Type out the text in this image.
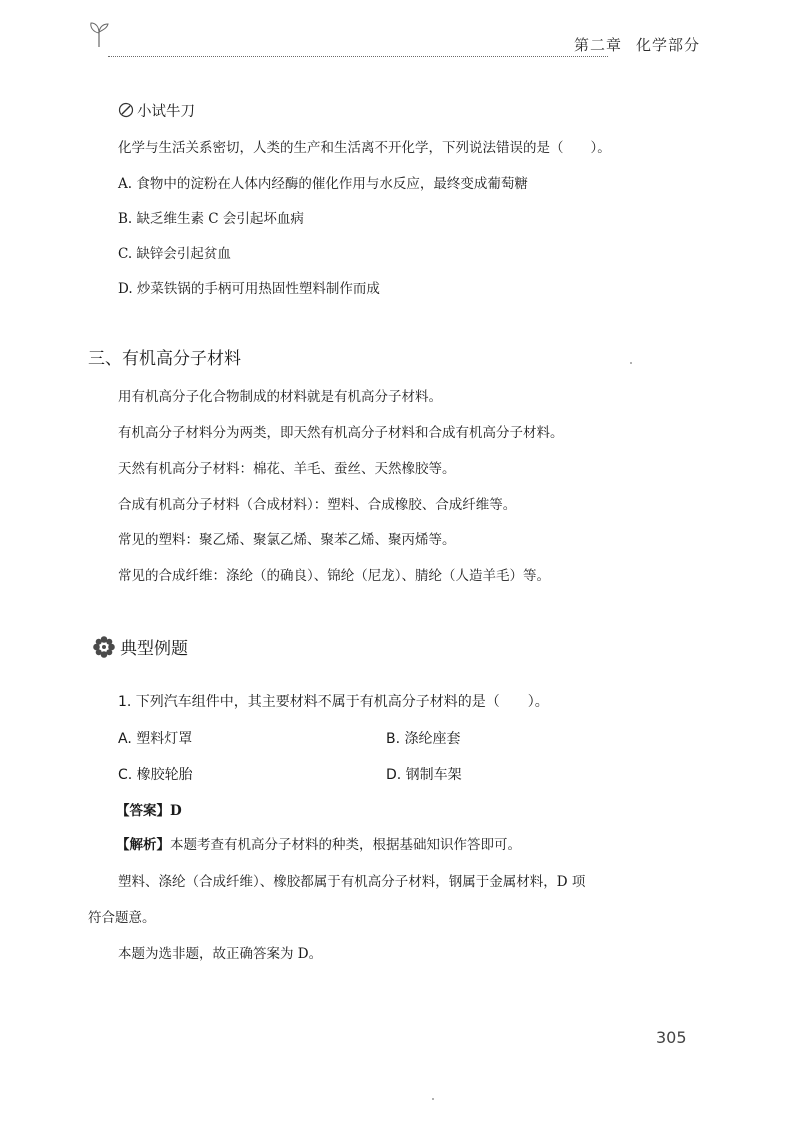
第二章 化学部分
小试牛刀
化学与生活关系密切，人类的生产和生活离不开化学，下列说法错误的是（　　）。
A. 食物中的淀粉在人体内经酶的催化作用与水反应，最终变成葡萄糖
B. 缺乏维生素 C 会引起坏血病
C. 缺锌会引起贫血
D. 炒菜铁锅的手柄可用热固性塑料制作而成
三、有机高分子材料
用有机高分子化合物制成的材料就是有机高分子材料。
有机高分子材料分为两类，即天然有机高分子材料和合成有机高分子材料。
天然有机高分子材料：棉花、羊毛、蚕丝、天然橡胶等。
合成有机高分子材料（合成材料）：塑料、合成橡胶、合成纤维等。
常见的塑料：聚乙烯、聚氯乙烯、聚苯乙烯、聚丙烯等。
常见的合成纤维：涤纶（的确良）、锦纶（尼龙）、腈纶（人造羊毛）等。
典型例题
1. 下列汽车组件中，其主要材料不属于有机高分子材料的是（　　）。
A. 塑料灯罩	B. 涤纶座套
C. 橡胶轮胎	D. 钢制车架
【答案】D
【解析】本题考查有机高分子材料的种类，根据基础知识作答即可。
塑料、涤纶（合成纤维）、橡胶都属于有机高分子材料，钢属于金属材料，D 项
符合题意。
本题为选非题，故正确答案为 D。
305
